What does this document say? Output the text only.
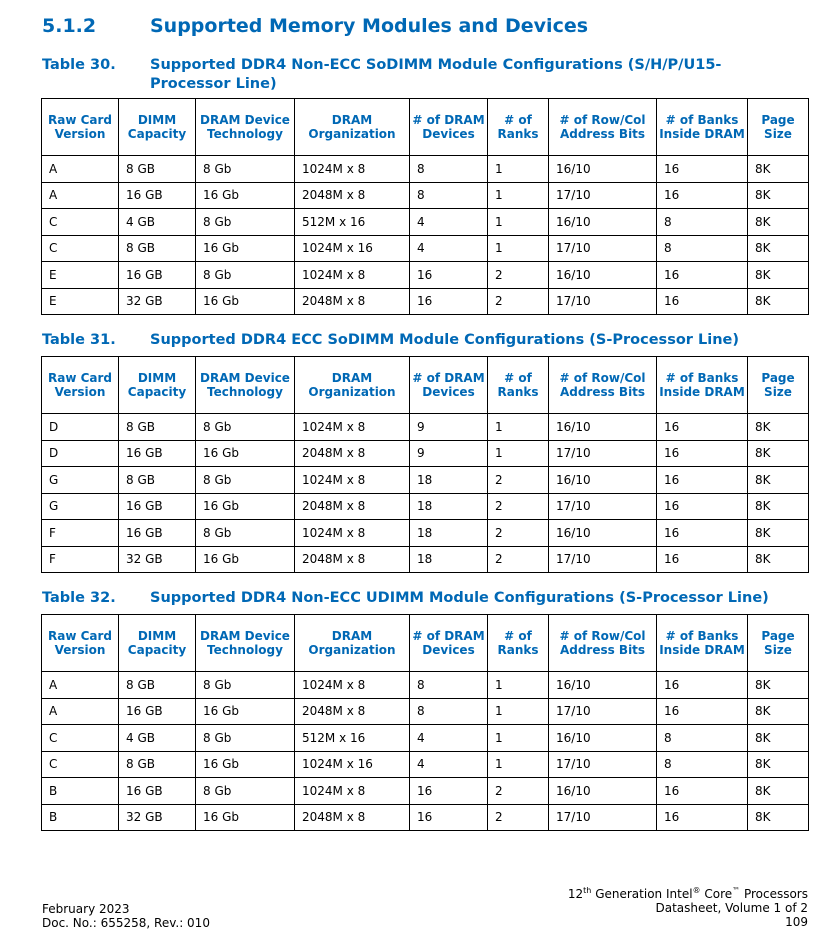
5.1.2	Supported Memory Modules and Devices
Table 30. Supported DDR4 Non-ECC SoDIMM Module Configurations (S/H/P/U15-Processor Line)
Raw Card Version	DIMM Capacity	DRAM Device Technology	DRAM Organization	# of DRAM Devices	# of Ranks	# of Row/Col Address Bits	# of Banks Inside DRAM	Page Size
A	8 GB	8 Gb	1024M x 8	8	1	16/10	16	8K
A	16 GB	16 Gb	2048M x 8	8	1	17/10	16	8K
C	4 GB	8 Gb	512M x 16	4	1	16/10	8	8K
C	8 GB	16 Gb	1024M x 16	4	1	17/10	8	8K
E	16 GB	8 Gb	1024M x 8	16	2	16/10	16	8K
E	32 GB	16 Gb	2048M x 8	16	2	17/10	16	8K
Table 31. Supported DDR4 ECC SoDIMM Module Configurations (S-Processor Line)
Raw Card Version	DIMM Capacity	DRAM Device Technology	DRAM Organization	# of DRAM Devices	# of Ranks	# of Row/Col Address Bits	# of Banks Inside DRAM	Page Size
D	8 GB	8 Gb	1024M x 8	9	1	16/10	16	8K
D	16 GB	16 Gb	2048M x 8	9	1	17/10	16	8K
G	8 GB	8 Gb	1024M x 8	18	2	16/10	16	8K
G	16 GB	16 Gb	2048M x 8	18	2	17/10	16	8K
F	16 GB	8 Gb	1024M x 8	18	2	16/10	16	8K
F	32 GB	16 Gb	2048M x 8	18	2	17/10	16	8K
Table 32. Supported DDR4 Non-ECC UDIMM Module Configurations (S-Processor Line)
Raw Card Version	DIMM Capacity	DRAM Device Technology	DRAM Organization	# of DRAM Devices	# of Ranks	# of Row/Col Address Bits	# of Banks Inside DRAM	Page Size
A	8 GB	8 Gb	1024M x 8	8	1	16/10	16	8K
A	16 GB	16 Gb	2048M x 8	8	1	17/10	16	8K
C	4 GB	8 Gb	512M x 16	4	1	16/10	8	8K
C	8 GB	16 Gb	1024M x 16	4	1	17/10	8	8K
B	16 GB	8 Gb	1024M x 8	16	2	16/10	16	8K
B	32 GB	16 Gb	2048M x 8	16	2	17/10	16	8K
February 2023
Doc. No.: 655258, Rev.: 010
12th Generation Intel® Core™ Processors
Datasheet, Volume 1 of 2
109
